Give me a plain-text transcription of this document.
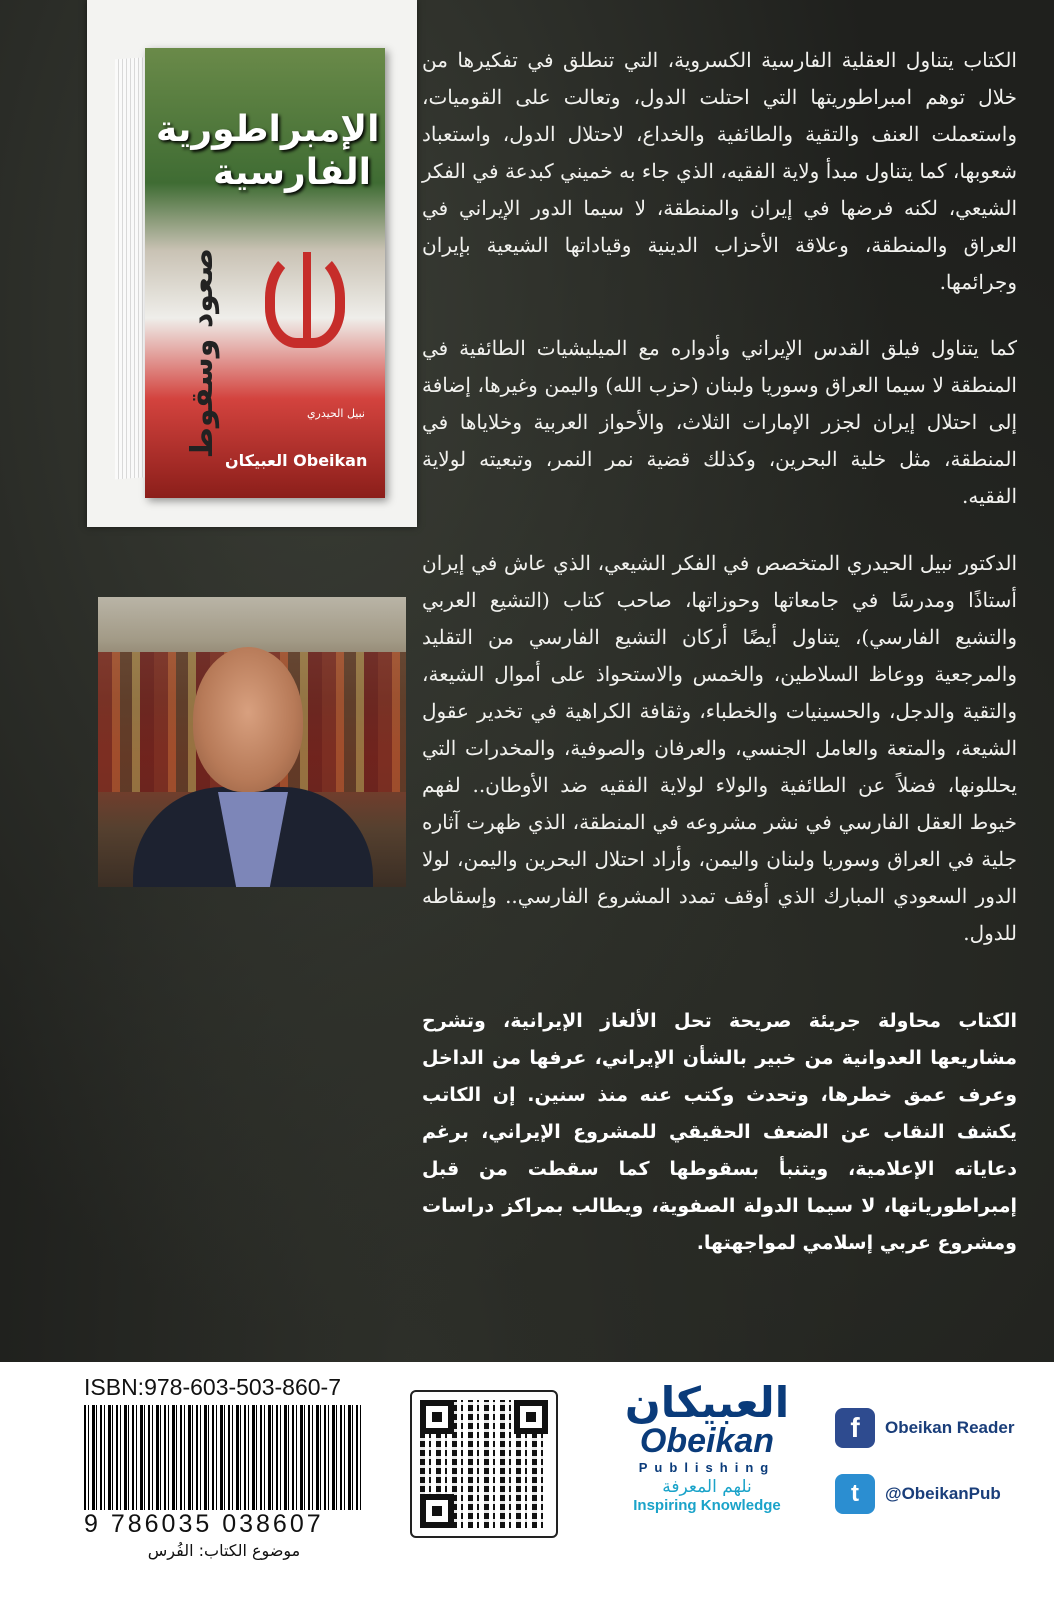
الإمبراطورية الفارسية
صعود وسقوط	نبيل الحيدري
العبيكان Obeikan

الكتاب يتناول العقلية الفارسية الكسروية، التي تنطلق في تفكيرها من خلال توهم امبراطوريتها التي احتلت الدول، وتعالت على القوميات، واستعملت العنف والتقية والطائفية والخداع، لاحتلال الدول، واستعباد شعوبها، كما يتناول مبدأ ولاية الفقيه، الذي جاء به خميني كبدعة في الفكر الشيعي، لكنه فرضها في إيران والمنطقة، لا سيما الدور الإيراني في العراق والمنطقة، وعلاقة الأحزاب الدينية وقياداتها الشيعية بإيران وجرائمها.

كما يتناول فيلق القدس الإيراني وأدواره مع الميليشيات الطائفية في المنطقة لا سيما العراق وسوريا ولبنان (حزب الله) واليمن وغيرها، إضافة إلى احتلال إيران لجزر الإمارات الثلاث، والأحواز العربية وخلاياها في المنطقة، مثل خلية البحرين، وكذلك قضية نمر النمر، وتبعيته لولاية الفقيه.

الدكتور نبيل الحيدري المتخصص في الفكر الشيعي، الذي عاش في إيران أستاذًا ومدرسًا في جامعاتها وحوزاتها، صاحب كتاب (التشيع العربي والتشيع الفارسي)، يتناول أيضًا أركان التشيع الفارسي من التقليد والمرجعية ووعاظ السلاطين، والخمس والاستحواذ على أموال الشيعة، والتقية والدجل، والحسينيات والخطباء، وثقافة الكراهية في تخدير عقول الشيعة، والمتعة والعامل الجنسي، والعرفان والصوفية، والمخدرات التي يحللونها، فضلاً عن الطائفية والولاء لولاية الفقيه ضد الأوطان.. لفهم خيوط العقل الفارسي في نشر مشروعه في المنطقة، الذي ظهرت آثاره جلية في العراق وسوريا ولبنان واليمن، وأراد احتلال البحرين واليمن، لولا الدور السعودي المبارك الذي أوقف تمدد المشروع الفارسي.. وإسقاطه للدول.

الكتاب محاولة جريئة صريحة تحل الألغاز الإيرانية، وتشرح مشاريعها العدوانية من خبير بالشأن الإيراني، عرفها من الداخل وعرف عمق خطرها، وتحدث وكتب عنه منذ سنين. إن الكاتب يكشف النقاب عن الضعف الحقيقي للمشروع الإيراني، برغم دعاياته الإعلامية، ويتنبأ بسقوطها كما سقطت من قبل إمبراطورياتها، لا سيما الدولة الصفوية، ويطالب بمراكز دراسات ومشروع عربي إسلامي لمواجهتها.

ISBN:978-603-503-860-7
9 786035 038607
موضوع الكتاب: الفُرس
العبيكان
Obeikan
Publishing
نلهم المعرفة
Inspiring Knowledge
f	Obeikan Reader
t	@ObeikanPub
